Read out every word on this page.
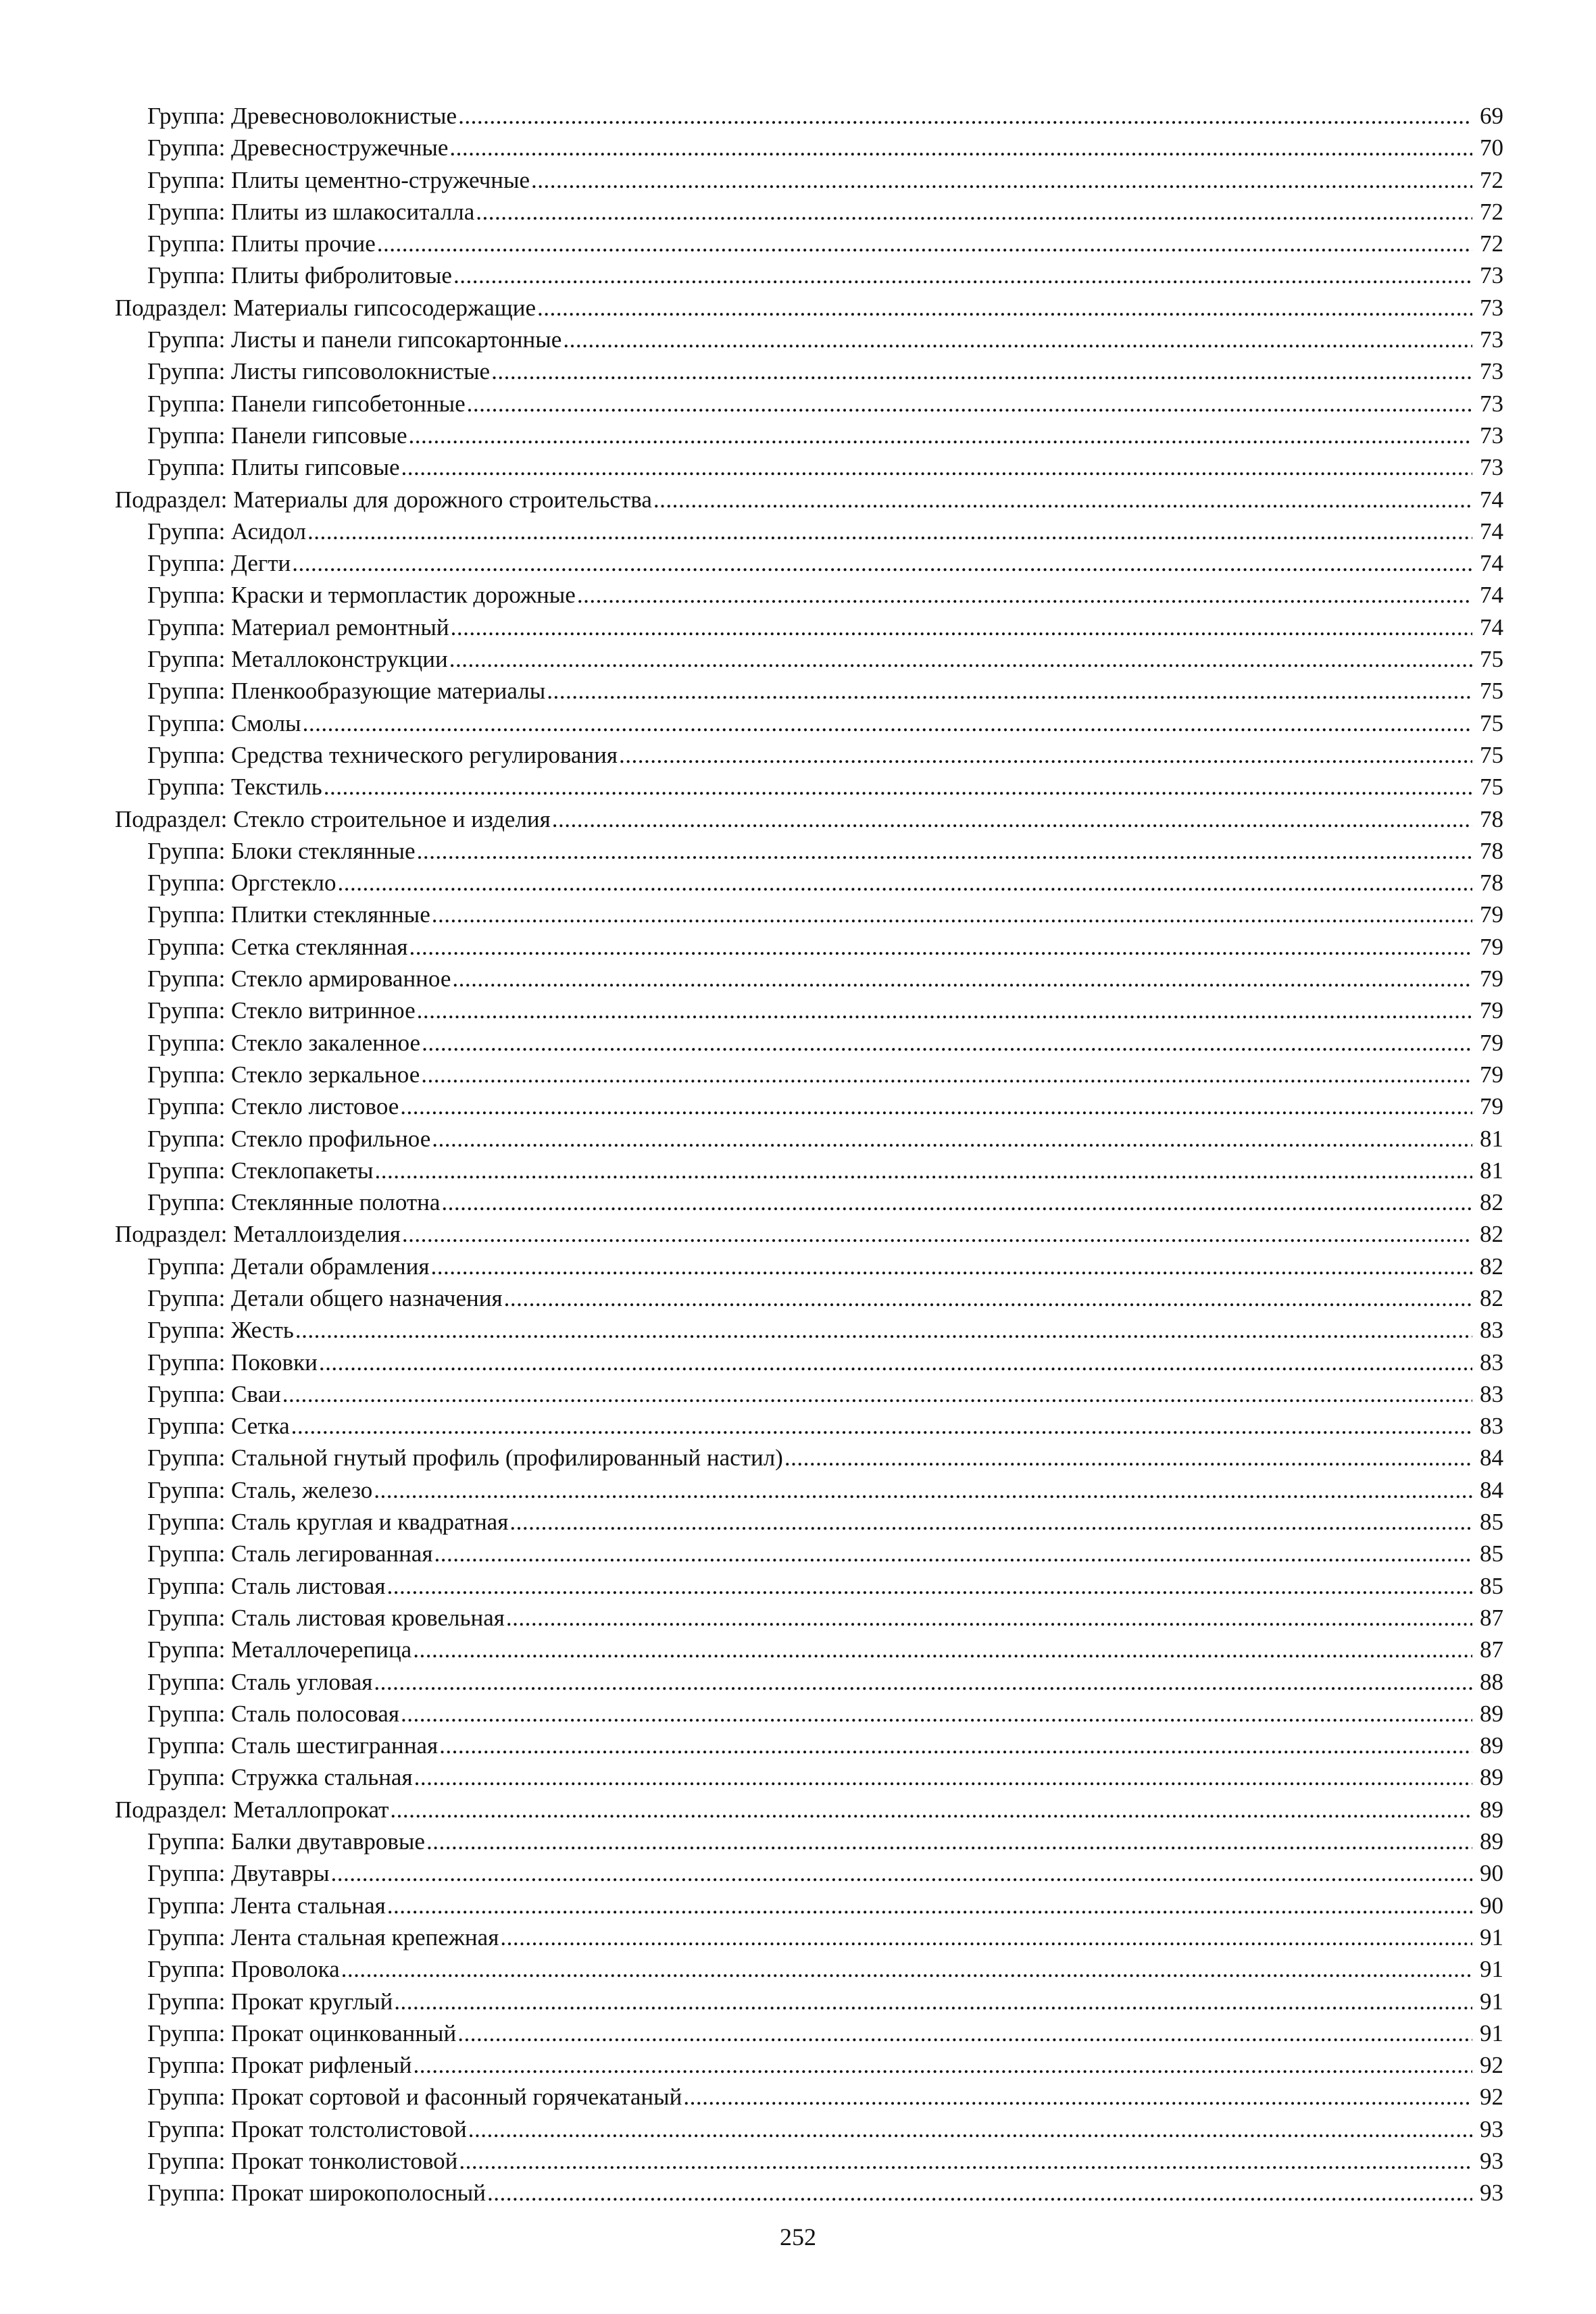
Группа: Древесноволокнистые .....	69
Группа: Древесностружечные .....	70
Группа: Плиты цементно-стружечные .....	72
Группа: Плиты из шлакоситалла .....	72
Группа: Плиты прочие .....	72
Группа: Плиты фибролитовые .....	73
Подраздел: Материалы гипсосодержащие .....	73
Группа: Листы и панели гипсокартонные .....	73
Группа: Листы гипсоволокнистые .....	73
Группа: Панели гипсобетонные .....	73
Группа: Панели гипсовые .....	73
Группа: Плиты гипсовые .....	73
Подраздел: Материалы для дорожного строительства .....	74
Группа: Асидол .....	74
Группа: Дегти .....	74
Группа: Краски и термопластик дорожные .....	74
Группа: Материал ремонтный .....	74
Группа: Металлоконструкции .....	75
Группа: Пленкообразующие материалы .....	75
Группа: Смолы .....	75
Группа: Средства технического регулирования .....	75
Группа: Текстиль .....	75
Подраздел: Стекло строительное и изделия .....	78
Группа: Блоки стеклянные .....	78
Группа: Оргстекло .....	78
Группа: Плитки стеклянные .....	79
Группа: Сетка стеклянная .....	79
Группа: Стекло армированное .....	79
Группа: Стекло витринное .....	79
Группа: Стекло закаленное .....	79
Группа: Стекло зеркальное .....	79
Группа: Стекло листовое .....	79
Группа: Стекло профильное .....	81
Группа: Стеклопакеты .....	81
Группа: Стеклянные полотна .....	82
Подраздел: Металлоизделия .....	82
Группа: Детали обрамления .....	82
Группа: Детали общего назначения .....	82
Группа: Жесть .....	83
Группа: Поковки .....	83
Группа: Сваи .....	83
Группа: Сетка .....	83
Группа: Стальной гнутый профиль (профилированный настил) .....	84
Группа: Сталь, железо .....	84
Группа: Сталь круглая и квадратная .....	85
Группа: Сталь легированная .....	85
Группа: Сталь листовая .....	85
Группа: Сталь листовая кровельная .....	87
Группа: Металлочерепица .....	87
Группа: Сталь угловая .....	88
Группа: Сталь полосовая .....	89
Группа: Сталь шестигранная .....	89
Группа: Стружка стальная .....	89
Подраздел: Металлопрокат .....	89
Группа: Балки двутавровые .....	89
Группа: Двутавры .....	90
Группа: Лента стальная .....	90
Группа: Лента стальная крепежная .....	91
Группа: Проволока .....	91
Группа: Прокат круглый .....	91
Группа: Прокат оцинкованный .....	91
Группа: Прокат рифленый .....	92
Группа: Прокат сортовой и фасонный горячекатаный .....	92
Группа: Прокат толстолистовой .....	93
Группа: Прокат тонколистовой .....	93
Группа: Прокат широкополосный .....	93
252
